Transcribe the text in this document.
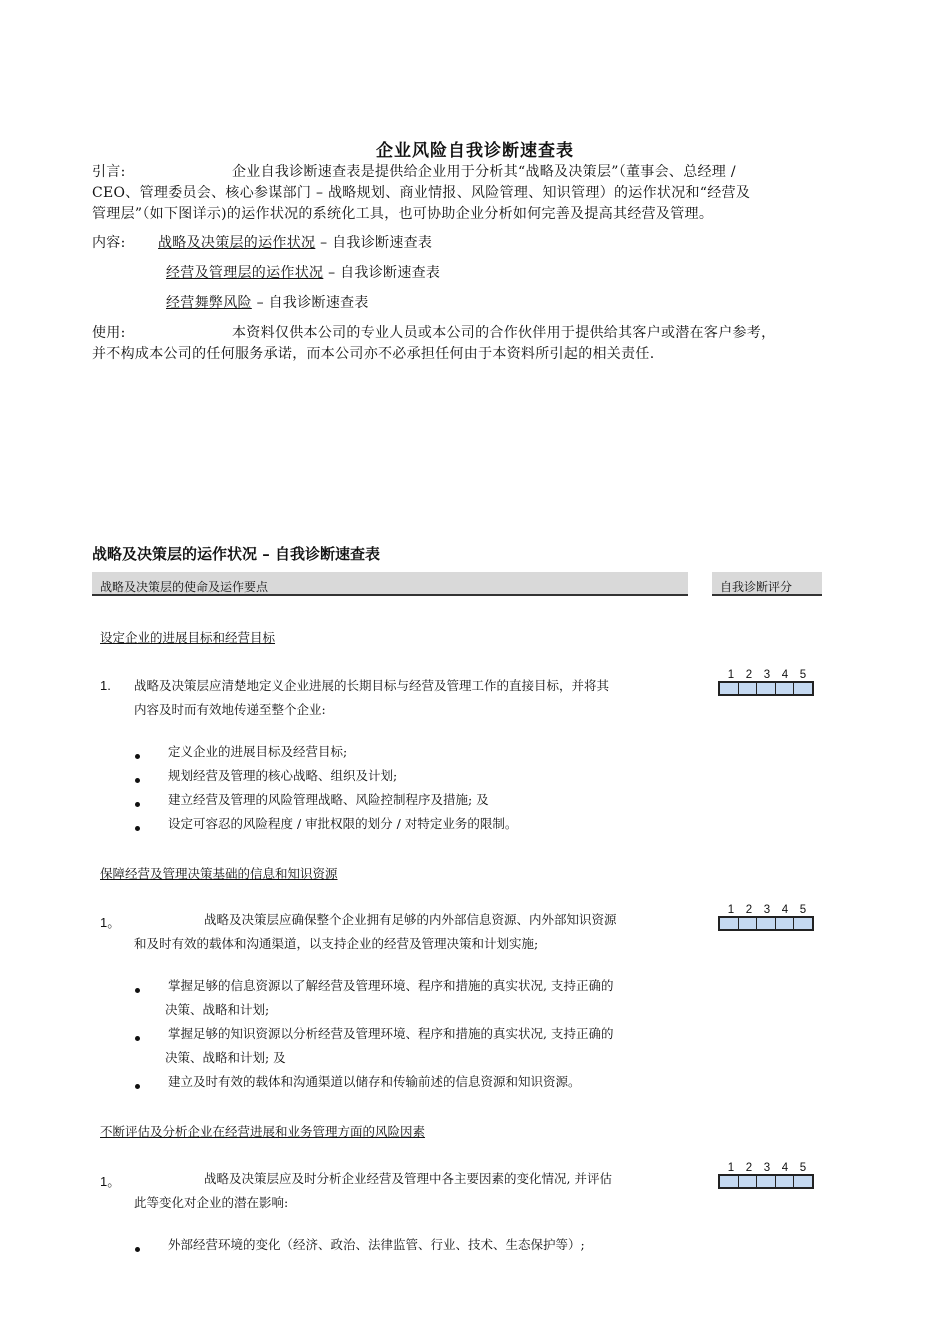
企业风险自我诊断速查表
引言:	企业自我诊断速查表是提供给企业用于分析其“战略及决策层”（董事会、总经理 /
CEO、管理委员会、核心参谋部门 – 战略规划、商业情报、风险管理、知识管理）的运作状况和“经营及
管理层”（如下图详示)的运作状况的系统化工具，也可协助企业分析如何完善及提高其经营及管理。
内容: 战略及决策层的运作状况 – 自我诊断速查表
经营及管理层的运作状况 – 自我诊断速查表
经营舞弊风险 – 自我诊断速查表
使用:	本资料仅供本公司的专业人员或本公司的合作伙伴用于提供给其客户或潜在客户参考，
并不构成本公司的任何服务承诺，而本公司亦不必承担任何由于本资料所引起的相关责任.
战略及决策层的运作状况 – 自我诊断速查表
战略及决策层的使命及运作要点	自我诊断评分
设定企业的进展目标和经营目标
1. 战略及决策层应清楚地定义企业进展的长期目标与经营及管理工作的直接目标，并将其
内容及时而有效地传递至整个企业:
1 2 3 4 5
定义企业的进展目标及经营目标;
规划经营及管理的核心战略、组织及计划;
建立经营及管理的风险管理战略、风险控制程序及措施; 及
设定可容忍的风险程度 / 审批权限的划分 / 对特定业务的限制。
保障经营及管理决策基础的信息和知识资源
1。	战略及决策层应确保整个企业拥有足够的内外部信息资源、内外部知识资源
和及时有效的载体和沟通渠道，以支持企业的经营及管理决策和计划实施;
1 2 3 4 5
掌握足够的信息资源以了解经营及管理环境、程序和措施的真实状况, 支持正确的
决策、战略和计划;
掌握足够的知识资源以分析经营及管理环境、程序和措施的真实状况, 支持正确的
决策、战略和计划; 及
建立及时有效的载体和沟通渠道以储存和传输前述的信息资源和知识资源。
不断评估及分析企业在经营进展和业务管理方面的风险因素
1。	战略及决策层应及时分析企业经营及管理中各主要因素的变化情况, 并评估
此等变化对企业的潜在影响:
1 2 3 4 5
外部经营环境的变化（经济、政治、法律监管、行业、技术、生态保护等）;
